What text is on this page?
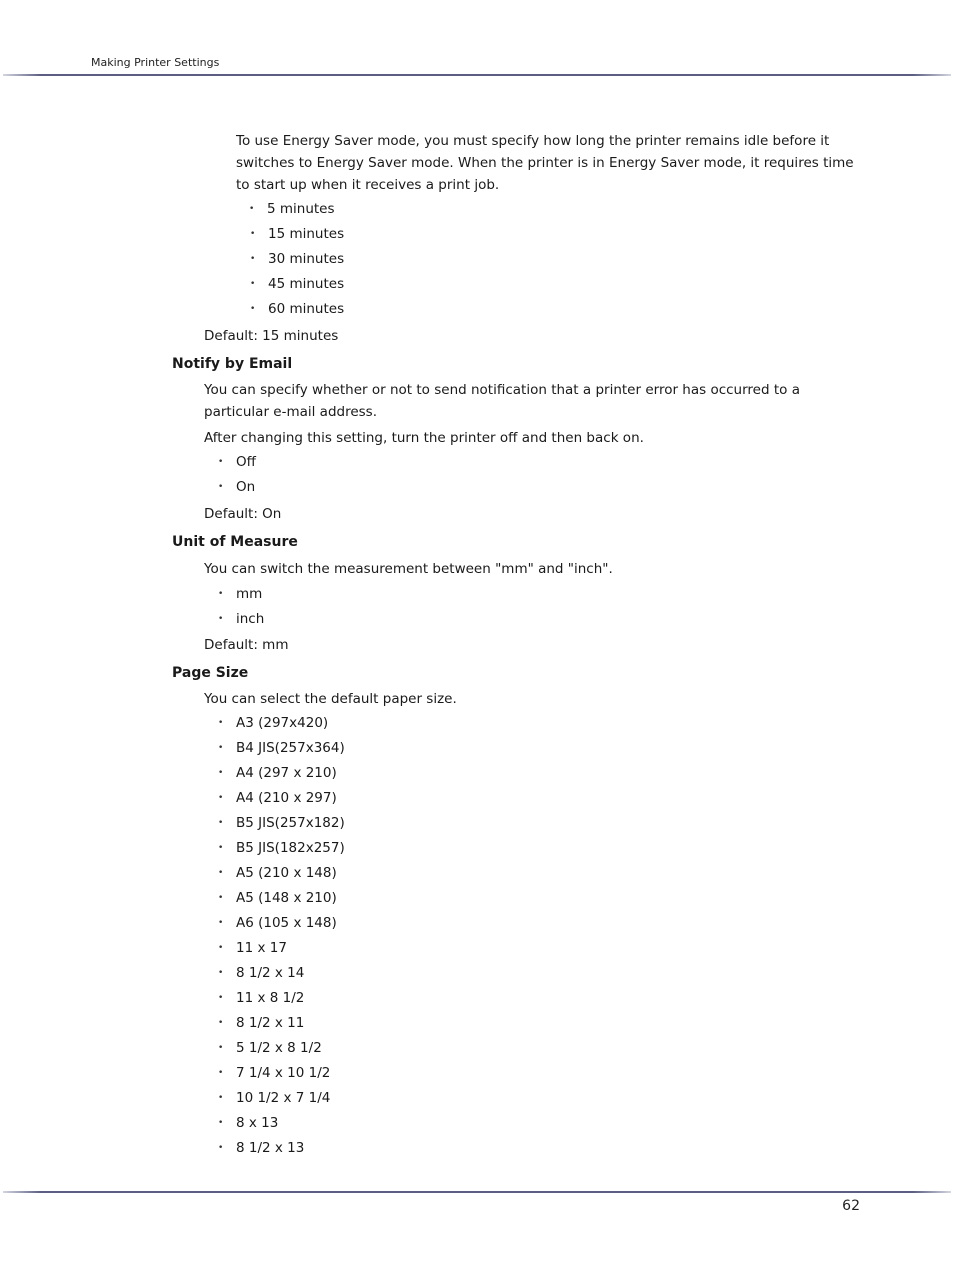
Making Printer Settings

To use Energy Saver mode, you must specify how long the printer remains idle before it switches to Energy Saver mode. When the printer is in Energy Saver mode, it requires time to start up when it receives a print job.

• 5 minutes
• 15 minutes
• 30 minutes
• 45 minutes
• 60 minutes
Default: 15 minutes
Notify by Email

You can specify whether or not to send notification that a printer error has occurred to a particular e-mail address.

After changing this setting, turn the printer off and then back on.

• Off
• On
Default: On
Unit of Measure

You can switch the measurement between "mm" and "inch".

• mm
• inch
Default: mm
Page Size

You can select the default paper size.

• A3 (297x420)
• B4 JIS(257x364)
• A4 (297 x 210)
• A4 (210 x 297)
• B5 JIS(257x182)
• B5 JIS(182x257)
• A5 (210 x 148)
• A5 (148 x 210)
• A6 (105 x 148)
• 11 x 17
• 8 1/2 x 14
• 11 x 8 1/2
• 8 1/2 x 11
• 5 1/2 x 8 1/2
• 7 1/4 x 10 1/2
• 10 1/2 x 7 1/4
• 8 x 13
• 8 1/2 x 13
62
